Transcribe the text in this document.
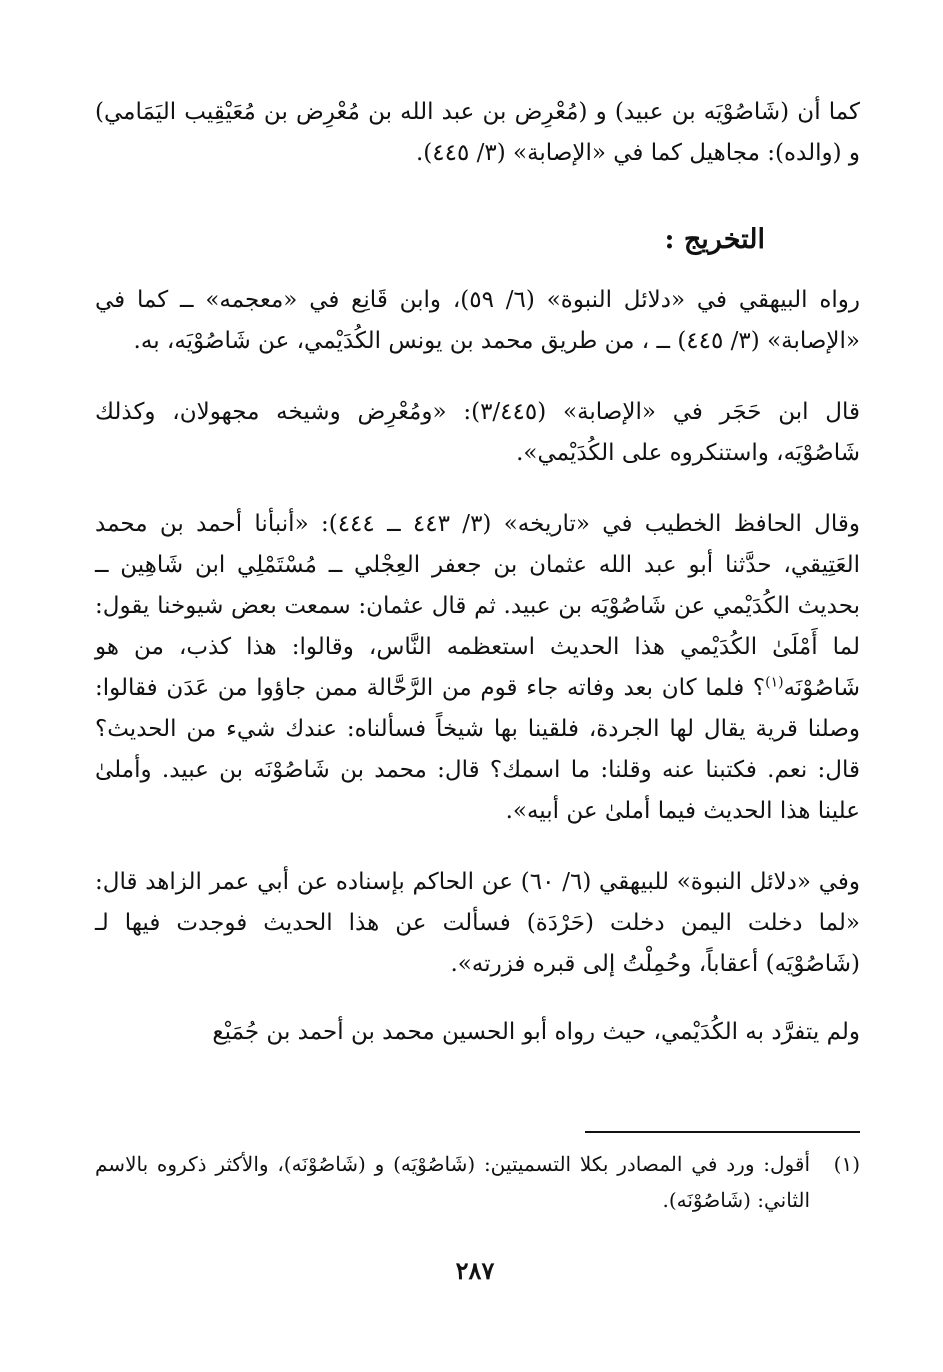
كما أن (شَاصُوْيَه بن عبيد) و (مُعْرِض بن عبد الله بن مُعْرِض بن مُعَيْقِيب اليَمَامي) و (والده): مجاهيل كما في «الإصابة» (٣/ ٤٤٥).

التخريج :

رواه البيهقي في «دلائل النبوة» (٦/ ٥٩)، وابن قَانِع في «معجمه» ــ كما في «الإصابة» (٣/ ٤٤٥) ــ ، من طريق محمد بن يونس الكُدَيْمي، عن شَاصُوْيَه، به.

قال ابن حَجَر في «الإصابة» (٣/٤٤٥): «ومُعْرِض وشيخه مجهولان، وكذلك شَاصُوْيَه، واستنكروه على الكُدَيْمي».

وقال الحافظ الخطيب في «تاريخه» (٣/ ٤٤٣ ــ ٤٤٤): «أنبأنا أحمد بن محمد العَتِيقي، حدَّثنا أبو عبد الله عثمان بن جعفر العِجْلي ــ مُسْتَمْلِي ابن شَاهِين ــ بحديث الكُدَيْمي عن شَاصُوْيَه بن عبيد. ثم قال عثمان: سمعت بعض شيوخنا يقول: لما أَمْلَىٰ الكُدَيْمي هذا الحديث استعظمه النَّاس، وقالوا: هذا كذب، من هو شَاصُوْنَه$^{(١)}$؟ فلما كان بعد وفاته جاء قوم من الرَّحَّالة ممن جاؤوا من عَدَن فقالوا: وصلنا قرية يقال لها الجردة، فلقينا بها شيخاً فسألناه: عندك شيء من الحديث؟ قال: نعم. فكتبنا عنه وقلنا: ما اسمك؟ قال: محمد بن شَاصُوْنَه بن عبيد. وأملىٰ علينا هذا الحديث فيما أملىٰ عن أبيه».

وفي «دلائل النبوة» للبيهقي (٦/ ٦٠) عن الحاكم بإسناده عن أبي عمر الزاهد قال: «لما دخلت اليمن دخلت (حَرْدَة) فسألت عن هذا الحديث فوجدت فيها لـ (شَاصُوْيَه) أعقاباً، وحُمِلْتُ إلى قبره فزرته».

ولم يتفرَّد به الكُدَيْمي، حيث رواه أبو الحسين محمد بن أحمد بن جُمَيْع

(١)
أقول: ورد في المصادر بكلا التسميتين: (شَاصُوْيَه) و (شَاصُوْنَه)، والأكثر ذكروه بالاسم الثاني: (شَاصُوْنَه).

٢٨٧
